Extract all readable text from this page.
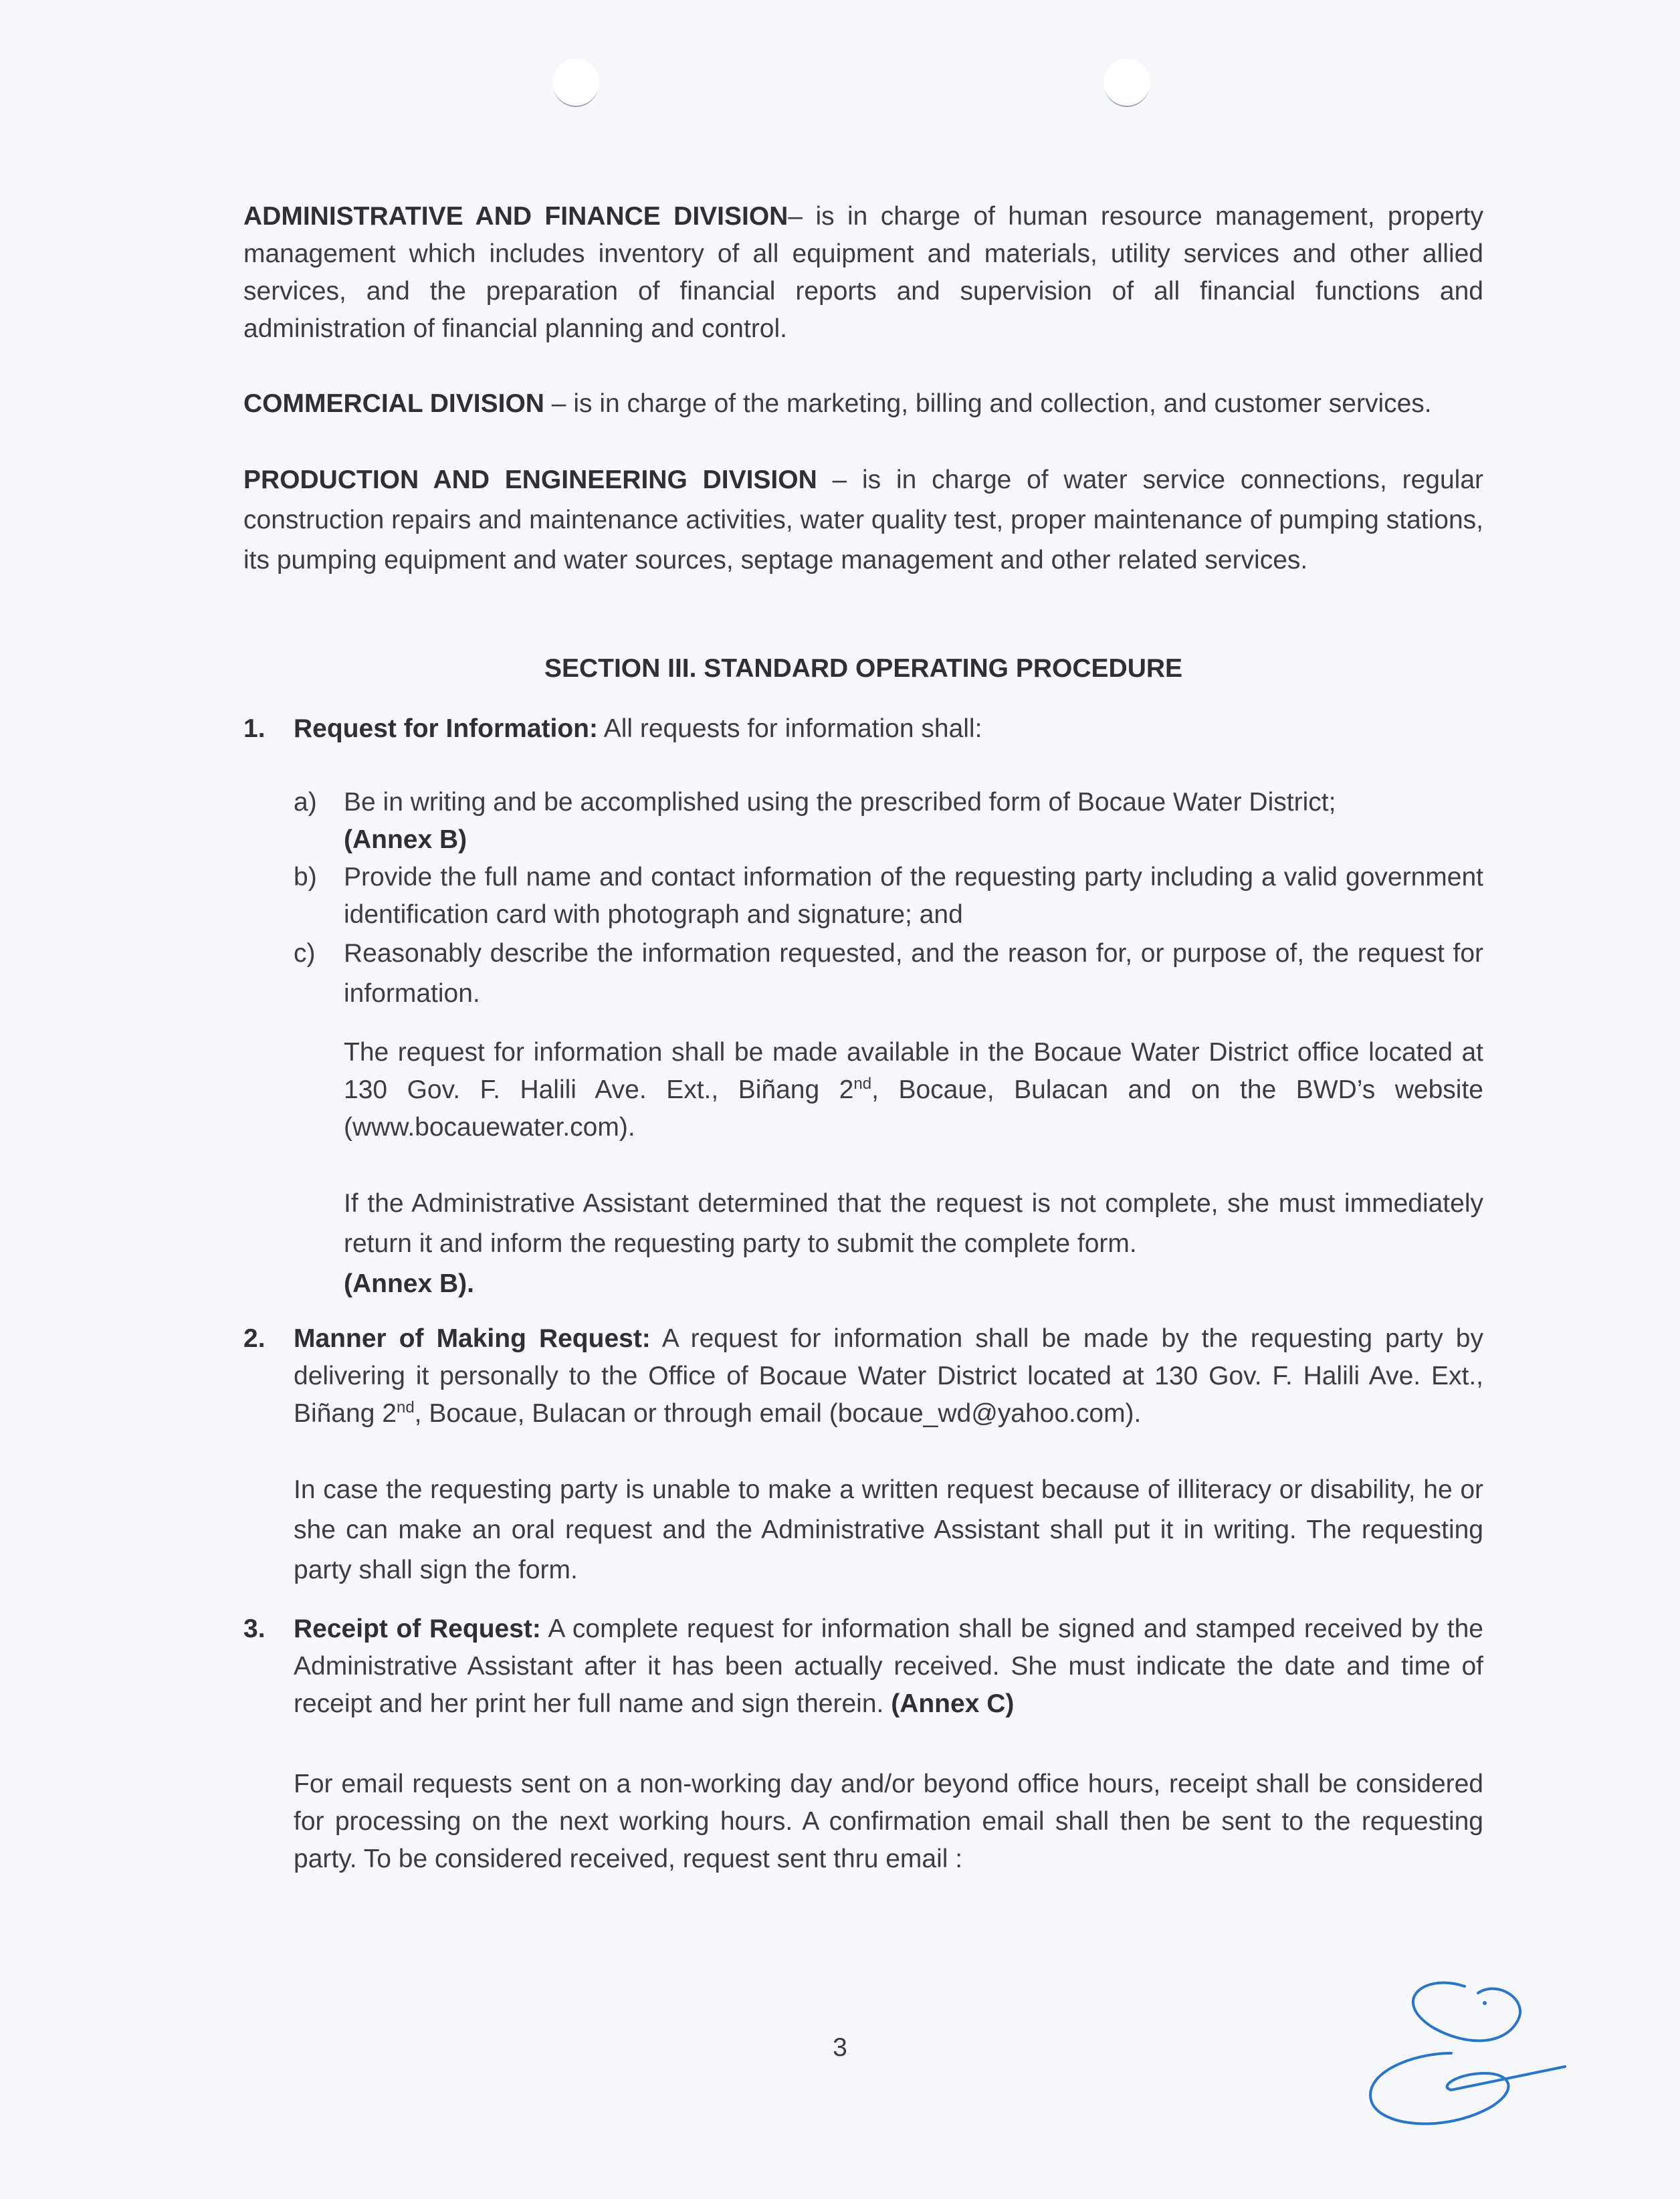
ADMINISTRATIVE AND FINANCE DIVISION– is in charge of human resource management, property management which includes inventory of all equipment and materials, utility services and other allied services, and the preparation of financial reports and supervision of all financial functions and administration of financial planning and control.

COMMERCIAL DIVISION – is in charge of the marketing, billing and collection, and customer services.

PRODUCTION AND ENGINEERING DIVISION – is in charge of water service connections, regular construction repairs and maintenance activities, water quality test, proper maintenance of pumping stations, its pumping equipment and water sources, septage management and other related services.

SECTION III. STANDARD OPERATING PROCEDURE

1.	Request for Information: All requests for information shall:

a)	Be in writing and be accomplished using the prescribed form of Bocaue Water District;
(Annex B)
b)	Provide the full name and contact information of the requesting party including a valid government identification card with photograph and signature; and
c)	Reasonably describe the information requested, and the reason for, or purpose of, the request for information.

The request for information shall be made available in the Bocaue Water District office located at 130 Gov. F. Halili Ave. Ext., Biñang 2nd, Bocaue, Bulacan and on the BWD’s website (www.bocauewater.com).

If the Administrative Assistant determined that the request is not complete, she must immediately return it and inform the requesting party to submit the complete form.
(Annex B).

2.	Manner of Making Request: A request for information shall be made by the requesting party by delivering it personally to the Office of Bocaue Water District located at 130 Gov. F. Halili Ave. Ext., Biñang 2nd, Bocaue, Bulacan or through email (bocaue_wd@yahoo.com).

In case the requesting party is unable to make a written request because of illiteracy or disability, he or she can make an oral request and the Administrative Assistant shall put it in writing. The requesting party shall sign the form.

3.	Receipt of Request: A complete request for information shall be signed and stamped received by the Administrative Assistant after it has been actually received. She must indicate the date and time of receipt and her print her full name and sign therein. (Annex C)

For email requests sent on a non-working day and/or beyond office hours, receipt shall be considered for processing on the next working hours. A confirmation email shall then be sent to the requesting party. To be considered received, request sent thru email :

3
